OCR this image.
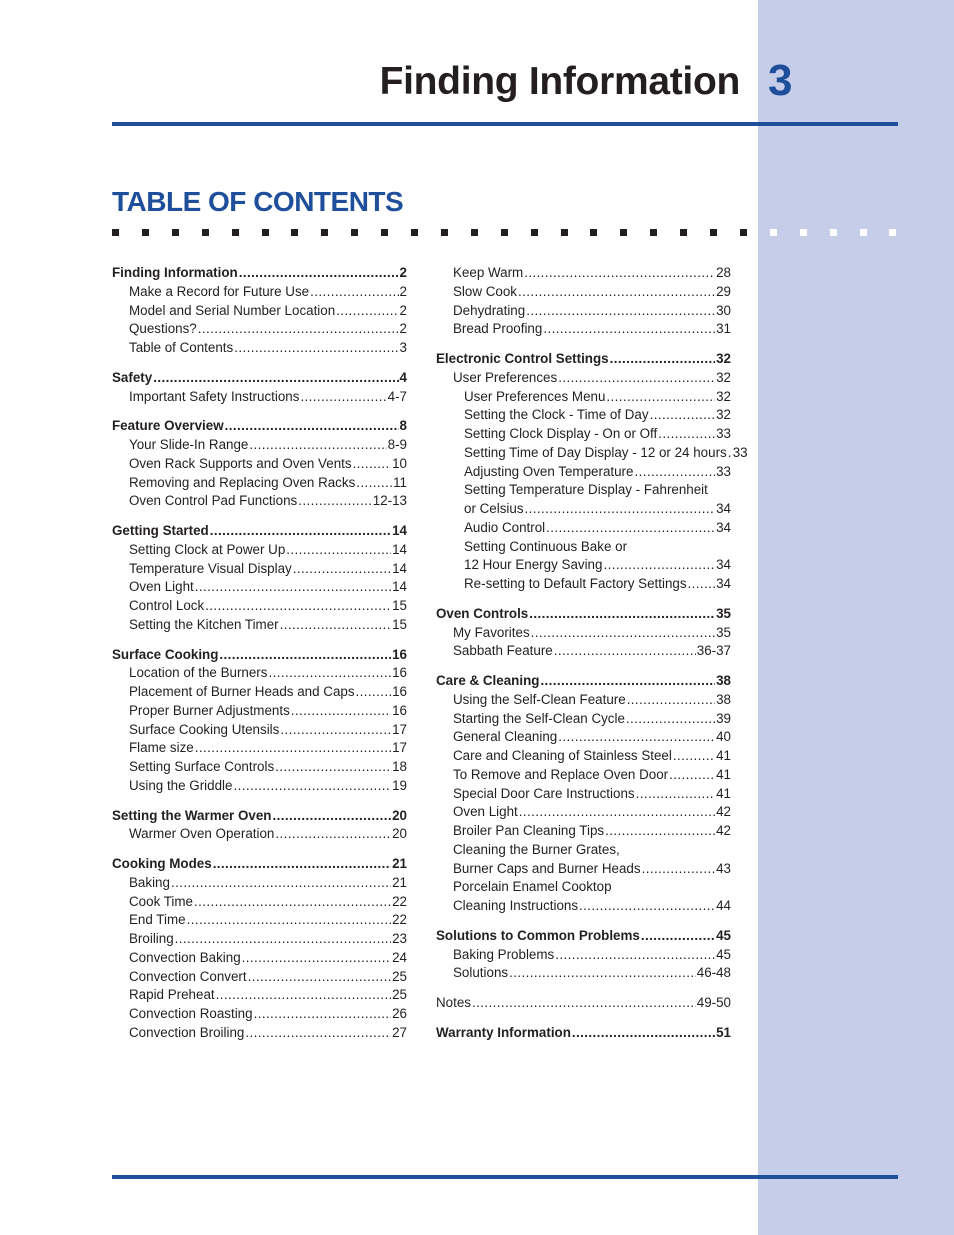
Finding Information 3
TABLE OF CONTENTS
Finding Information .....	2
Make a Record for Future Use .....	2
Model and Serial Number Location .....	2
Questions? .....	2
Table of Contents .....	3
Safety .....	4
Important Safety Instructions .....	4-7
Feature Overview .....	8
Your Slide-In Range .....	8-9
Oven Rack Supports and Oven Vents .....	10
Removing and Replacing Oven Racks .....	11
Oven Control Pad Functions .....	12-13
Getting Started .....	14
Setting Clock at Power Up .....	14
Temperature Visual Display .....	14
Oven Light .....	14
Control Lock .....	15
Setting the Kitchen Timer .....	15
Surface Cooking .....	16
Location of the Burners .....	16
Placement of Burner Heads and Caps .....	16
Proper Burner Adjustments .....	16
Surface Cooking Utensils .....	17
Flame size .....	17
Setting Surface Controls .....	18
Using the Griddle .....	19
Setting the Warmer Oven .....	20
Warmer Oven Operation .....	20
Cooking Modes .....	21
Baking .....	21
Cook Time .....	22
End Time .....	22
Broiling .....	23
Convection Baking .....	24
Convection Convert .....	25
Rapid Preheat .....	25
Convection Roasting .....	26
Convection Broiling .....	27
Keep Warm .....	28
Slow Cook .....	29
Dehydrating .....	30
Bread Proofing .....	31
Electronic Control Settings .....	32
User Preferences .....	32
User Preferences Menu .....	32
Setting the Clock - Time of Day .....	32
Setting Clock Display - On or Off .....	33
Setting Time of Day Display - 12 or 24 hours ..... 33
Adjusting Oven Temperature .....	33
Setting Temperature Display - Fahrenheit
or Celsius .....	34
Audio Control .....	34
Setting Continuous Bake or
12 Hour Energy Saving .....	34
Re-setting to Default Factory Settings ..... 34
Oven Controls .....	35
My Favorites .....	35
Sabbath Feature .....	36-37
Care & Cleaning .....	38
Using the Self-Clean Feature .....	38
Starting the Self-Clean Cycle .....	39
General Cleaning .....	40
Care and Cleaning of Stainless Steel .....	41
To Remove and Replace Oven Door .....	41
Special Door Care Instructions .....	41
Oven Light .....	42
Broiler Pan Cleaning Tips .....	42
Cleaning the Burner Grates,
Burner Caps and Burner Heads .....	43
Porcelain Enamel Cooktop
Cleaning Instructions .....	44
Solutions to Common Problems .....	45
Baking Problems .....	45
Solutions .....	46-48
Notes .....	49-50
Warranty Information .....	51
